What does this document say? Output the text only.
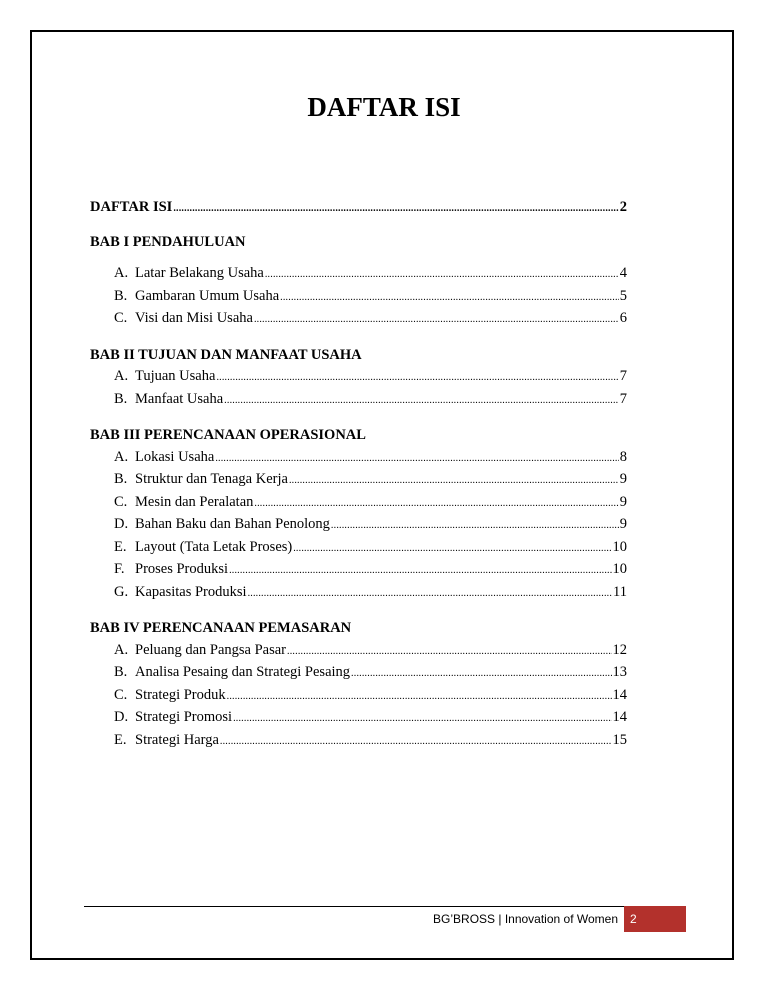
DAFTAR ISI
DAFTAR ISI .....	2
BAB I PENDAHULUAN
A. Latar Belakang Usaha .....	4
B. Gambaran Umum Usaha .....	5
C. Visi dan Misi Usaha .....	6
BAB II TUJUAN DAN MANFAAT USAHA
A. Tujuan Usaha .....	7
B. Manfaat Usaha .....	7
BAB III PERENCANAAN OPERASIONAL
A. Lokasi Usaha .....	8
B. Struktur dan Tenaga Kerja .....	9
C. Mesin dan Peralatan .....	9
D. Bahan Baku dan Bahan Penolong .....	9
E. Layout (Tata Letak Proses) .....	10
F. Proses Produksi .....	10
G. Kapasitas Produksi .....	11
BAB IV PERENCANAAN PEMASARAN
A. Peluang dan Pangsa Pasar .....	12
B. Analisa Pesaing dan Strategi Pesaing .....	13
C. Strategi Produk .....	14
D. Strategi Promosi .....	14
E. Strategi Harga .....	15
BG’BROSS | Innovation of Women	2
